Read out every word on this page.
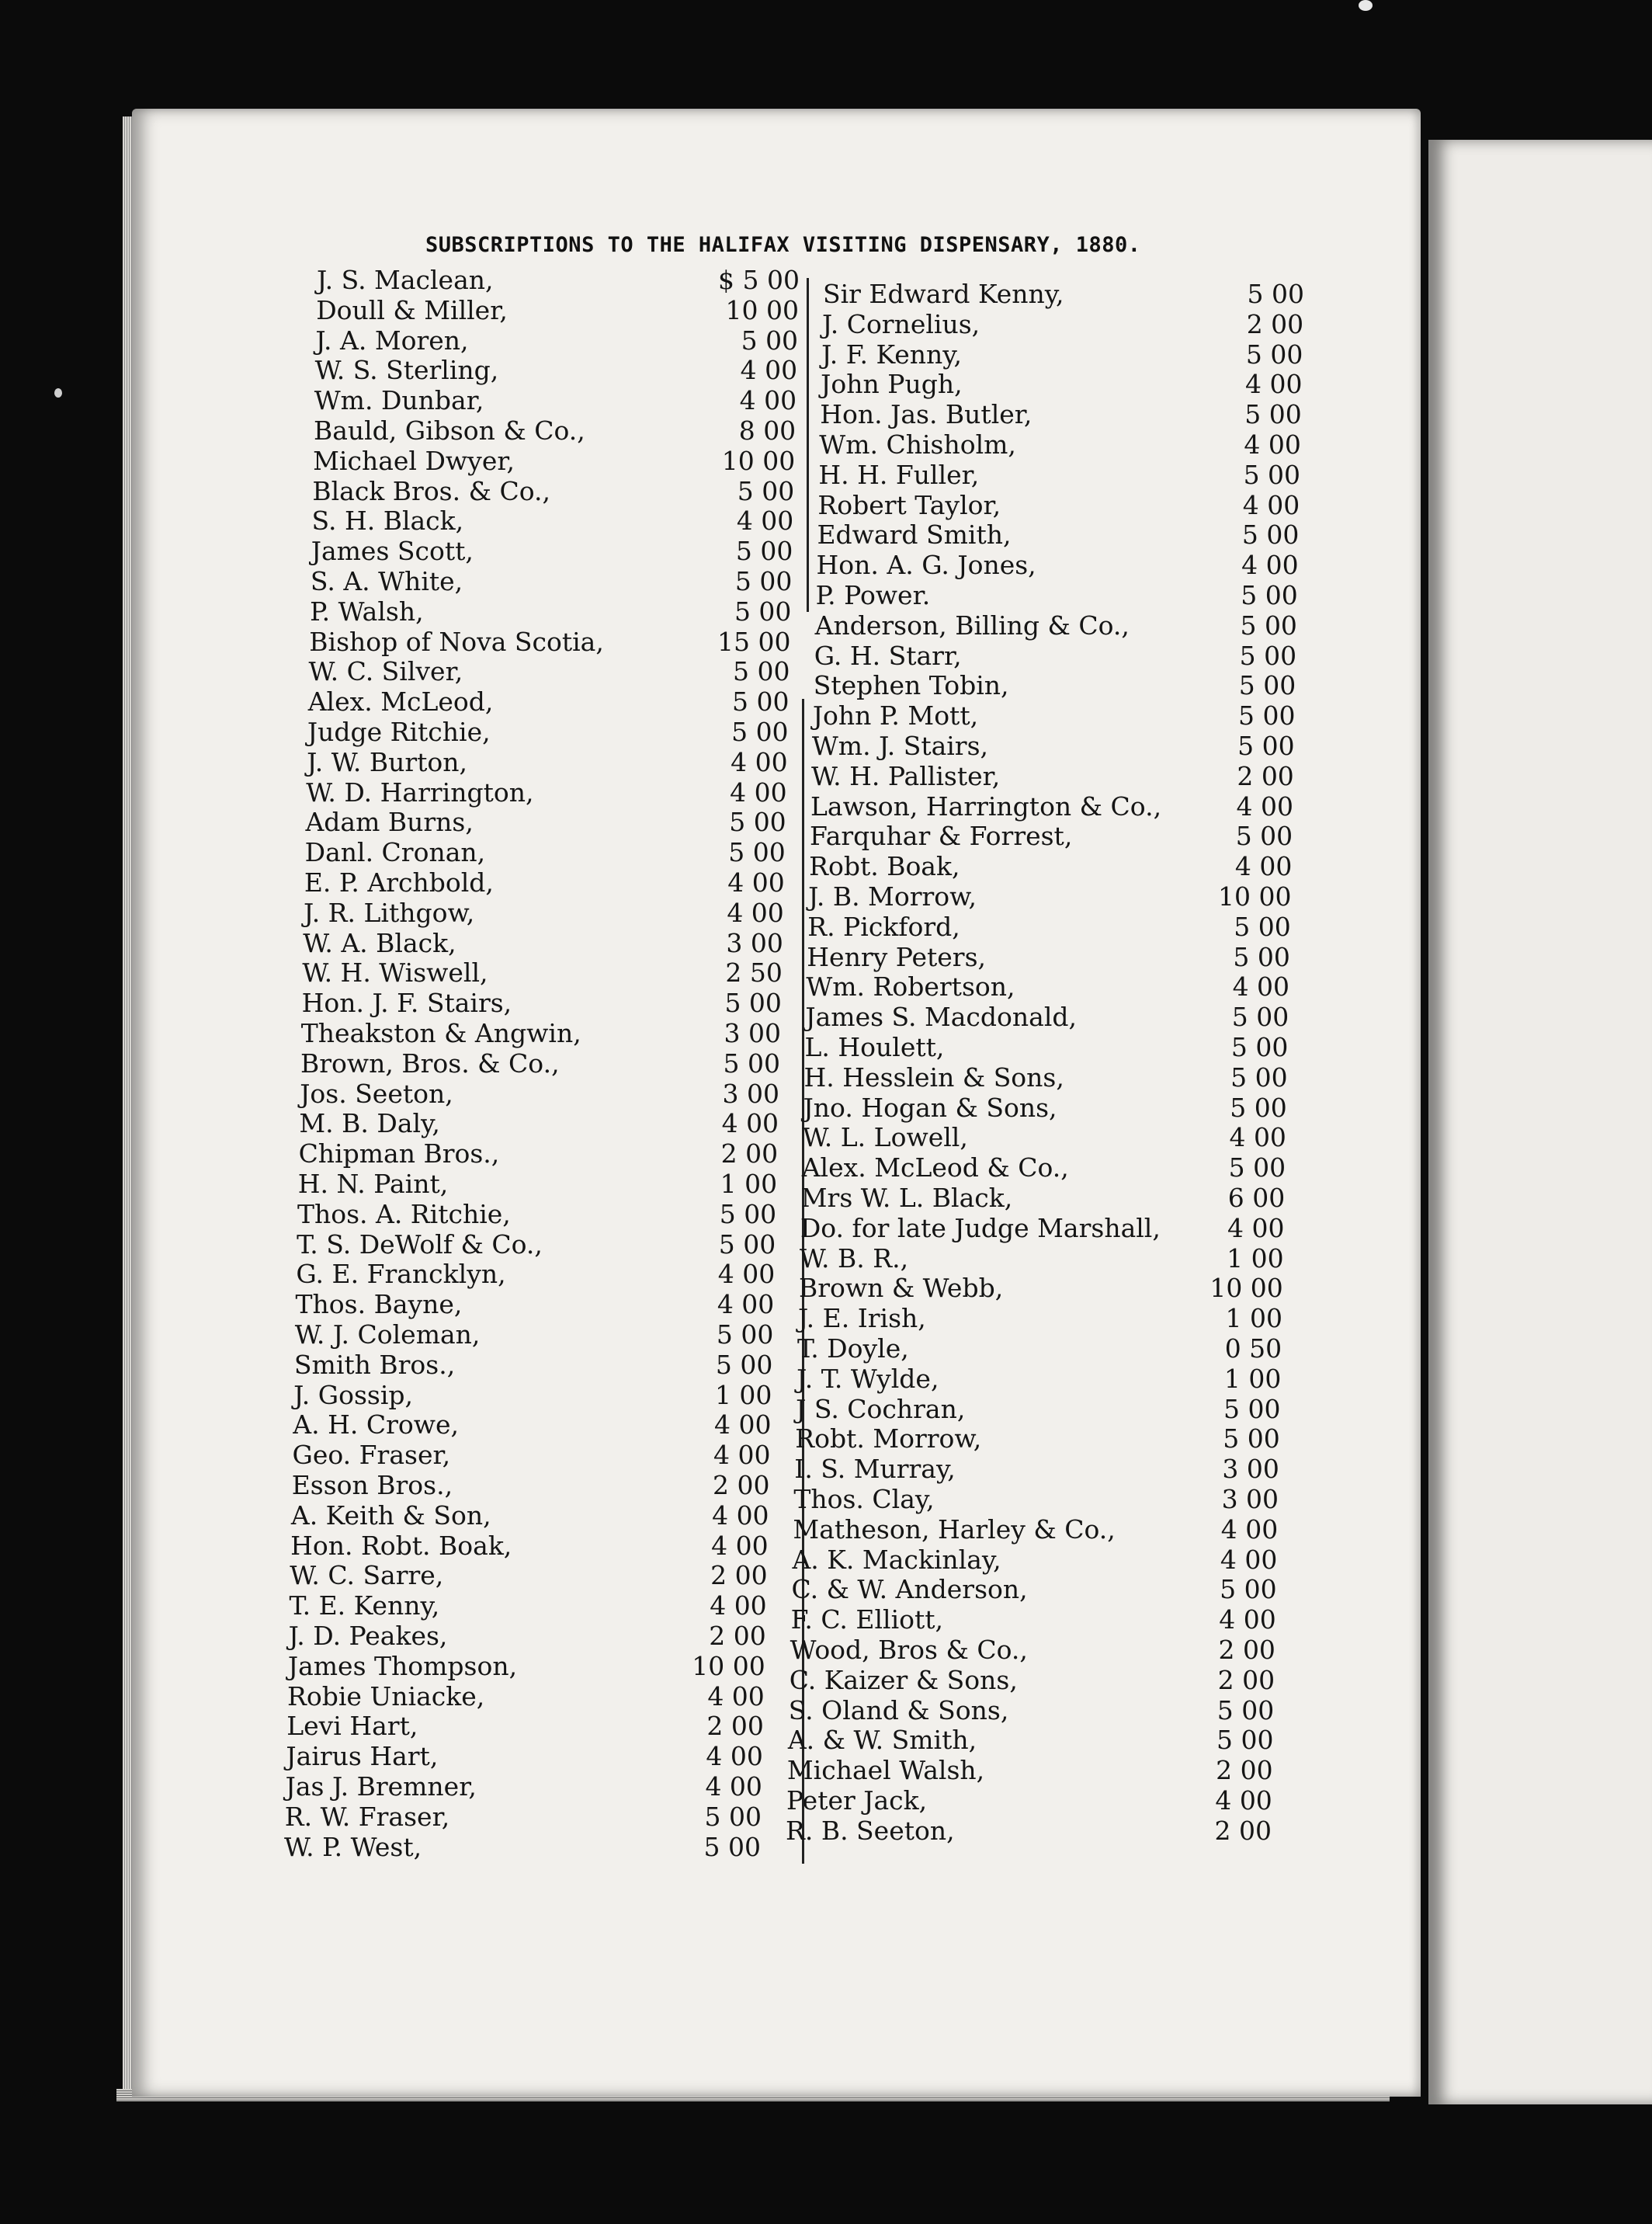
SUBSCRIPTIONS TO THE HALIFAX VISITING DISPENSARY, 1880.
J. S. Maclean,	$ 5 00
Doull & Miller,	10 00
J. A. Moren,	5 00
W. S. Sterling,	4 00
Wm. Dunbar,	4 00
Bauld, Gibson & Co.,	8 00
Michael Dwyer,	10 00
Black Bros. & Co.,	5 00
S. H. Black,	4 00
James Scott,	5 00
S. A. White,	5 00
P. Walsh,	5 00
Bishop of Nova Scotia,	15 00
W. C. Silver,	5 00
Alex. McLeod,	5 00
Judge Ritchie,	5 00
J. W. Burton,	4 00
W. D. Harrington,	4 00
Adam Burns,	5 00
Danl. Cronan,	5 00
E. P. Archbold,	4 00
J. R. Lithgow,	4 00
W. A. Black,	3 00
W. H. Wiswell,	2 50
Hon. J. F. Stairs,	5 00
Theakston & Angwin,	3 00
Brown, Bros. & Co.,	5 00
Jos. Seeton,	3 00
M. B. Daly,	4 00
Chipman Bros.,	2 00
H. N. Paint,	1 00
Thos. A. Ritchie,	5 00
T. S. DeWolf & Co.,	5 00
G. E. Francklyn,	4 00
Thos. Bayne,	4 00
W. J. Coleman,	5 00
Smith Bros.,	5 00
J. Gossip,	1 00
A. H. Crowe,	4 00
Geo. Fraser,	4 00
Esson Bros.,	2 00
A. Keith & Son,	4 00
Hon. Robt. Boak,	4 00
W. C. Sarre,	2 00
T. E. Kenny,	4 00
J. D. Peakes,	2 00
James Thompson,	10 00
Robie Uniacke,	4 00
Levi Hart,	2 00
Jairus Hart,	4 00
Jas J. Bremner,	4 00
R. W. Fraser,	5 00
W. P. West,	5 00
Sir Edward Kenny,	5 00
J. Cornelius,	2 00
J. F. Kenny,	5 00
John Pugh,	4 00
Hon. Jas. Butler,	5 00
Wm. Chisholm,	4 00
H. H. Fuller,	5 00
Robert Taylor,	4 00
Edward Smith,	5 00
Hon. A. G. Jones,	4 00
P. Power.	5 00
Anderson, Billing & Co.,	5 00
G. H. Starr,	5 00
Stephen Tobin,	5 00
John P. Mott,	5 00
Wm. J. Stairs,	5 00
W. H. Pallister,	2 00
Lawson, Harrington & Co.,	4 00
Farquhar & Forrest,	5 00
Robt. Boak,	4 00
J. B. Morrow,	10 00
R. Pickford,	5 00
Henry Peters,	5 00
Wm. Robertson,	4 00
James S. Macdonald,	5 00
L. Houlett,	5 00
H. Hesslein & Sons,	5 00
Jno. Hogan & Sons,	5 00
W. L. Lowell,	4 00
Alex. McLeod & Co.,	5 00
Mrs W. L. Black,	6 00
Do. for late Judge Marshall,	4 00
W. B. R.,	1 00
Brown & Webb,	10 00
J. E. Irish,	1 00
T. Doyle,	0 50
J. T. Wylde,	1 00
J S. Cochran,	5 00
Robt. Morrow,	5 00
I. S. Murray,	3 00
Thos. Clay,	3 00
Matheson, Harley & Co.,	4 00
A. K. Mackinlay,	4 00
C. & W. Anderson,	5 00
F. C. Elliott,	4 00
Wood, Bros & Co.,	2 00
C. Kaizer & Sons,	2 00
S. Oland & Sons,	5 00
A. & W. Smith,	5 00
Michael Walsh,	2 00
Peter Jack,	4 00
R. B. Seeton,	2 00
